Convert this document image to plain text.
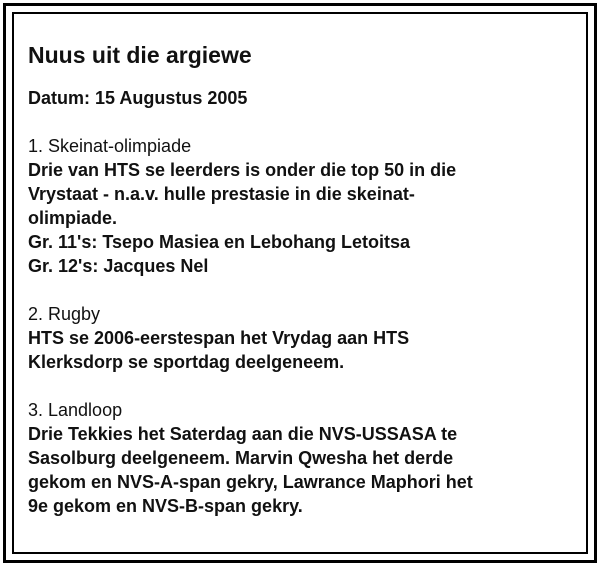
Nuus uit die argiewe
Datum: 15 Augustus 2005
1. Skeinat-olimpiade
Drie van HTS se leerders is onder die top 50 in die
Vrystaat - n.a.v. hulle prestasie in die skeinat-
olimpiade.
Gr. 11's: Tsepo Masiea en Lebohang Letoitsa
Gr. 12's: Jacques Nel
2. Rugby
HTS se 2006-eerstespan het Vrydag aan HTS
Klerksdorp se sportdag deelgeneem.
3. Landloop
Drie Tekkies het Saterdag aan die NVS-USSASA te
Sasolburg deelgeneem. Marvin Qwesha het derde
gekom en NVS-A-span gekry, Lawrance Maphori het
9e gekom en NVS-B-span gekry.
